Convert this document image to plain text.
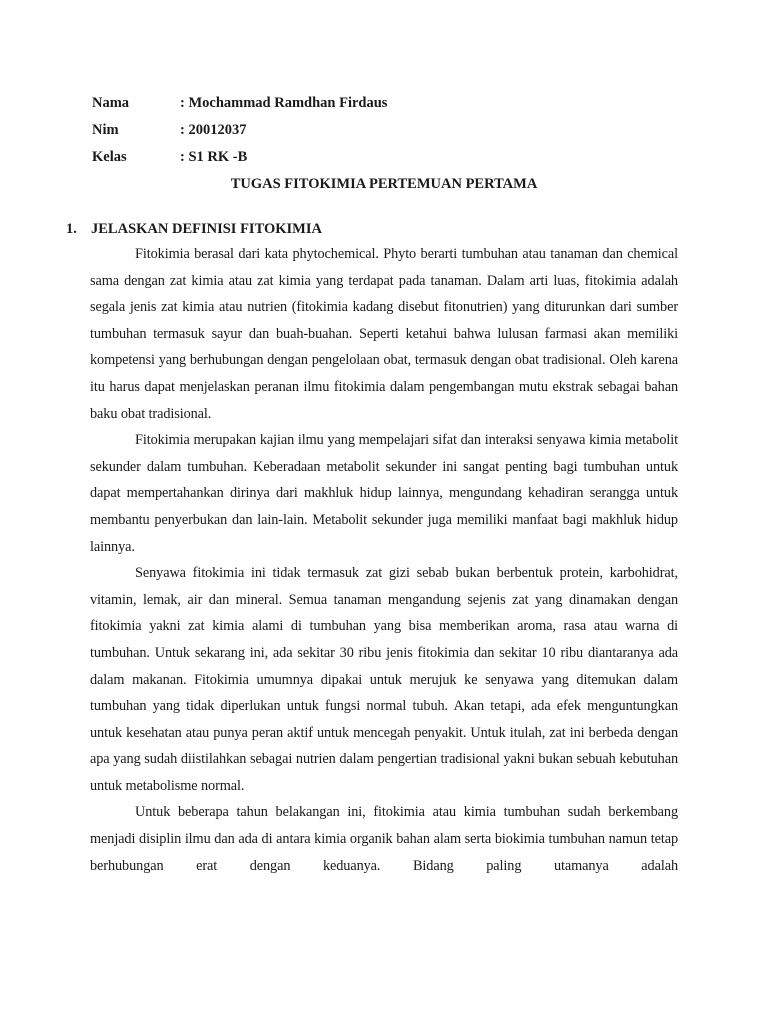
Nama	: Mochammad Ramdhan Firdaus
Nim	: 20012037
Kelas	: S1 RK -B
TUGAS FITOKIMIA PERTEMUAN PERTAMA
1. JELASKAN DEFINISI FITOKIMIA

Fitokimia berasal dari kata phytochemical. Phyto berarti tumbuhan atau tanaman dan chemical sama dengan zat kimia atau zat kimia yang terdapat pada tanaman. Dalam arti luas, fitokimia adalah segala jenis zat kimia atau nutrien (fitokimia kadang disebut fitonutrien) yang diturunkan dari sumber tumbuhan termasuk sayur dan buah-buahan. Seperti ketahui bahwa lulusan farmasi akan memiliki kompetensi yang berhubungan dengan pengelolaan obat, termasuk dengan obat tradisional. Oleh karena itu harus dapat menjelaskan peranan ilmu fitokimia dalam pengembangan mutu ekstrak sebagai bahan baku obat tradisional.

Fitokimia merupakan kajian ilmu yang mempelajari sifat dan interaksi senyawa kimia metabolit sekunder dalam tumbuhan. Keberadaan metabolit sekunder ini sangat penting bagi tumbuhan untuk dapat mempertahankan dirinya dari makhluk hidup lainnya, mengundang kehadiran serangga untuk membantu penyerbukan dan lain-lain. Metabolit sekunder juga memiliki manfaat bagi makhluk hidup lainnya.

Senyawa fitokimia ini tidak termasuk zat gizi sebab bukan berbentuk protein, karbohidrat, vitamin, lemak, air dan mineral. Semua tanaman mengandung sejenis zat yang dinamakan dengan fitokimia yakni zat kimia alami di tumbuhan yang bisa memberikan aroma, rasa atau warna di tumbuhan. Untuk sekarang ini, ada sekitar 30 ribu jenis fitokimia dan sekitar 10 ribu diantaranya ada dalam makanan. Fitokimia umumnya dipakai untuk merujuk ke senyawa yang ditemukan dalam tumbuhan yang tidak diperlukan untuk fungsi normal tubuh. Akan tetapi, ada efek menguntungkan untuk kesehatan atau punya peran aktif untuk mencegah penyakit. Untuk itulah, zat ini berbeda dengan apa yang sudah diistilahkan sebagai nutrien dalam pengertian tradisional yakni bukan sebuah kebutuhan untuk metabolisme normal.

Untuk beberapa tahun belakangan ini, fitokimia atau kimia tumbuhan sudah berkembang menjadi disiplin ilmu dan ada di antara kimia organik bahan alam serta biokimia tumbuhan namun tetap berhubungan erat dengan keduanya. Bidang paling utamanya adalah
